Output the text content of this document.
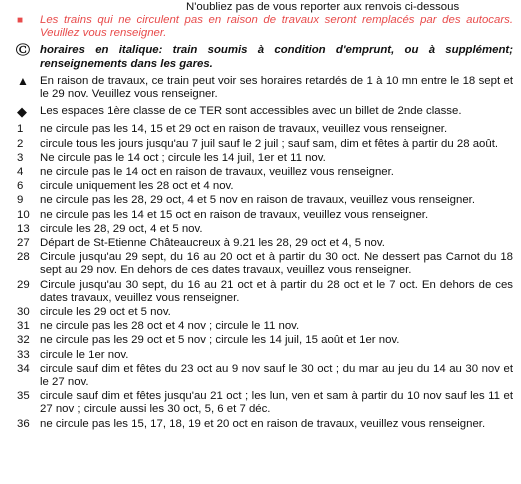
N'oubliez pas de vous reporter aux renvois ci-dessous
■	Les trains qui ne circulent pas en raison de travaux seront remplacés par des autocars. Veuillez vous renseigner.
Ⓒ horaires en italique: train soumis à condition d'emprunt, ou à supplément; renseignements dans les gares.
▲ En raison de travaux, ce train peut voir ses horaires retardés de 1 à 10 mn entre le 18 sept et le 29 nov. Veuillez vous renseigner.
◆	Les espaces 1ère classe de ce TER sont accessibles avec un billet de 2nde classe.
1	ne circule pas les 14, 15 et 29 oct en raison de travaux, veuillez vous renseigner.
2	circule tous les jours jusqu'au 7 juil sauf le 2 juil ; sauf sam, dim et fêtes à partir du 28 août.
3	Ne circule pas le 14 oct ; circule les 14 juil, 1er et 11 nov.
4	ne circule pas le 14 oct en raison de travaux, veuillez vous renseigner.
6	circule uniquement les 28 oct et 4 nov.
9	ne circule pas les 28, 29 oct, 4 et 5 nov en raison de travaux, veuillez vous renseigner.
10 ne circule pas les 14 et 15 oct en raison de travaux, veuillez vous renseigner.
13 circule les 28, 29 oct, 4 et 5 nov.
27 Départ de St-Etienne Châteaucreux à 9.21 les 28, 29 oct et 4, 5 nov.
28 Circule jusqu'au 29 sept, du 16 au 20 oct et à partir du 30 oct. Ne dessert pas Carnot du 18 sept au 29 nov. En dehors de ces dates travaux, veuillez vous renseigner.
29 Circule jusqu'au 30 sept, du 16 au 21 oct et à partir du 28 oct et le 7 oct. En dehors de ces dates travaux, veuillez vous renseigner.
30 circule les 29 oct et 5 nov.
31 ne circule pas les 28 oct et 4 nov ; circule le 11 nov.
32 ne circule pas les 29 oct et 5 nov ; circule les 14 juil, 15 août et 1er nov.
33 circule le 1er nov.
34 circule sauf dim et fêtes du 23 oct au 9 nov sauf le 30 oct ; du mar au jeu du 14 au 30 nov et le 27 nov.
35 circule sauf dim et fêtes jusqu'au 21 oct ; les lun, ven et sam à partir du 10 nov sauf les 11 et 27 nov ; circule aussi les 30 oct, 5, 6 et 7 déc.
36 ne circule pas les 15, 17, 18, 19 et 20 oct en raison de travaux, veuillez vous renseigner.
